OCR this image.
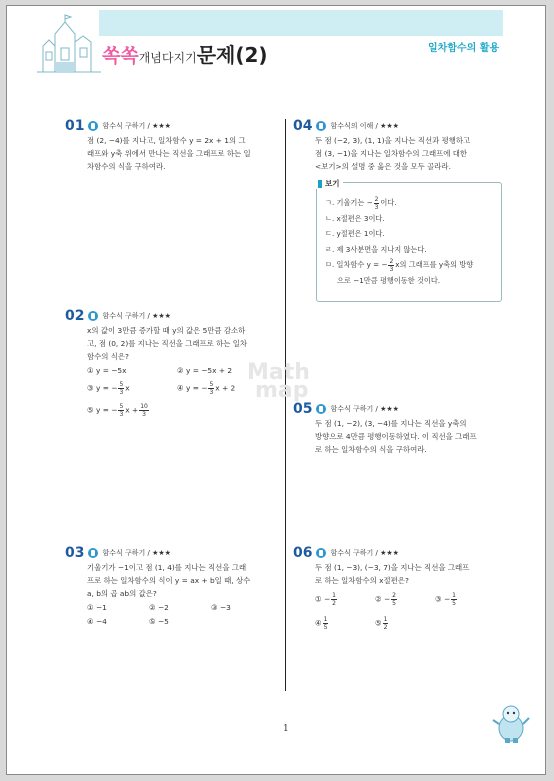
쏙쏙개념다지기문제(2)	일차함수의 활용
01	함수식 구하기 / ★★★
점 (2, −4)를 지나고, 일차함수 y = 2x + 1의 그
래프와 y축 위에서 만나는 직선을 그래프로 하는 일
차함수의 식을 구하여라.
02	함수식 구하기 / ★★★
x의 값이 3만큼 증가할 때 y의 값은 5만큼 감소하
고, 점 (0, 2)를 지나는 직선을 그래프로 하는 일차
함수의 식은?
① y = −5x	② y = −5x + 2
③ y = − $\frac{5}{3}$ x	④ y = − $\frac{5}{3}$ x + 2
⑤ y = − $\frac{5}{3}$ $x + \frac{10}{3}$
03	함수식 구하기 / ★★★
기울기가 −1이고 점 (1, 4)를 지나는 직선을 그래
프로 하는 일차함수의 식이 y = ax + b일 때, 상수
a, b의 곱 ab의 값은?
① −1	② −2	③ −3
④ −4	⑤ −5
04	함수식의 이해 / ★★★
두 점 (−2, 3), (1, 1)을 지나는 직선과 평행하고
점 (3, −1)을 지나는 일차함수의 그래프에 대한
<보기>의 설명 중 옳은 것을 모두 골라라.
보기
ㄱ. 기울기는 − $\frac{2}{3}$ 이다.
ㄴ. x절편은 3이다.
ㄷ. y절편은 1이다.
ㄹ. 제 3사분면을 지나지 않는다.
ㅁ. 일차함수 y = − $\frac{2}{3}$ x의 그래프를 y축의 방향
으로 −1만큼 평행이동한 것이다.
Math
map
05	함수식 구하기 / ★★★
두 점 (1, −2), (3, −4)를 지나는 직선을 y축의
방향으로 4만큼 평행이동하였다. 이 직선을 그래프
로 하는 일차함수의 식을 구하여라.
06	함수식 구하기 / ★★★
두 점 (1, −3), (−3, 7)을 지나는 직선을 그래프
로 하는 일차함수의 x절편은?
① − $\frac{1}{2}$	② − $\frac{2}{5}$	③ − $\frac{1}{5}$
④ $\frac{1}{5}$	⑤ $\frac{1}{2}$
1
